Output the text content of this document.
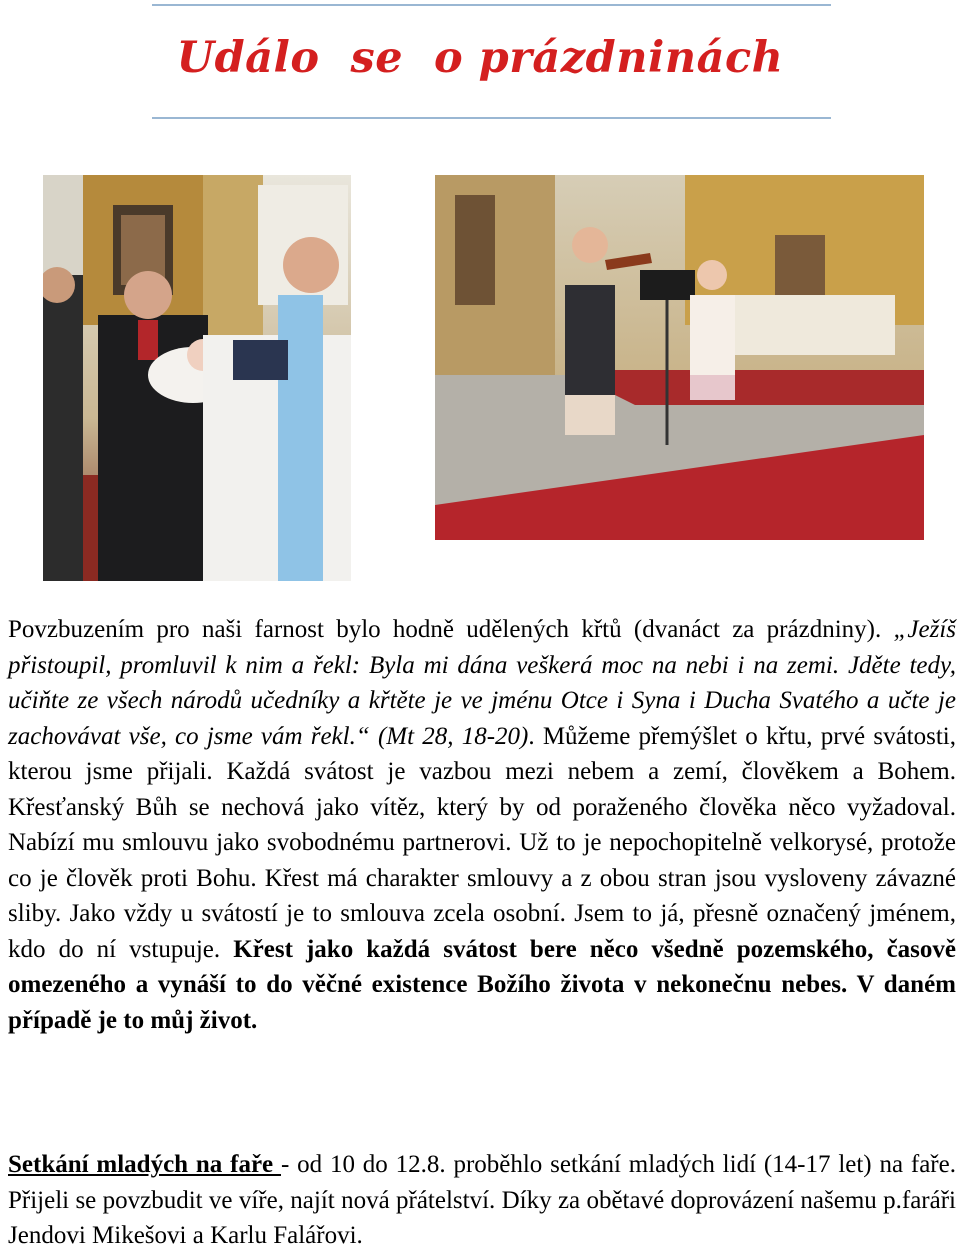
Událo  se  o prázdninách

Povzbuzením pro naši farnost bylo hodně udělených křtů (dvanáct za prázdniny). „Ježíš přistoupil, promluvil k nim a řekl: Byla mi dána veškerá moc na nebi i na zemi. Jděte tedy, učiňte ze všech národů učedníky a křtěte je ve jménu Otce i Syna i Ducha Svatého a učte je zachovávat vše, co jsme vám řekl.“ (Mt 28, 18-20). Můžeme přemýšlet o křtu, prvé svátosti, kterou jsme přijali. Každá svátost je vazbou mezi nebem a zemí, člověkem a Bohem. Křesťanský Bůh se nechová jako vítěz, který by od poraženého člověka něco vyžadoval. Nabízí mu smlouvu jako svobodnému partnerovi. Už to je nepochopitelně velkorysé, protože co je člověk proti Bohu. Křest má charakter smlouvy a z obou stran jsou vysloveny závazné sliby. Jako vždy u svátostí je to smlouva zcela osobní. Jsem to já, přesně označený jménem, kdo do ní vstupuje. Křest jako každá svátost bere něco všedně pozemského, časově omezeného a vynáší to do věčné existence Božího života v nekonečnu nebes. V daném případě je to můj život.

Setkání mladých na faře - od 10 do 12.8. proběhlo setkání mladých lidí (14-17 let) na faře. Přijeli se povzbudit ve víře, najít nová přátelství. Díky za obětavé doprovázení našemu p.faráři Jendovi Mikešovi a Karlu Falářovi.
